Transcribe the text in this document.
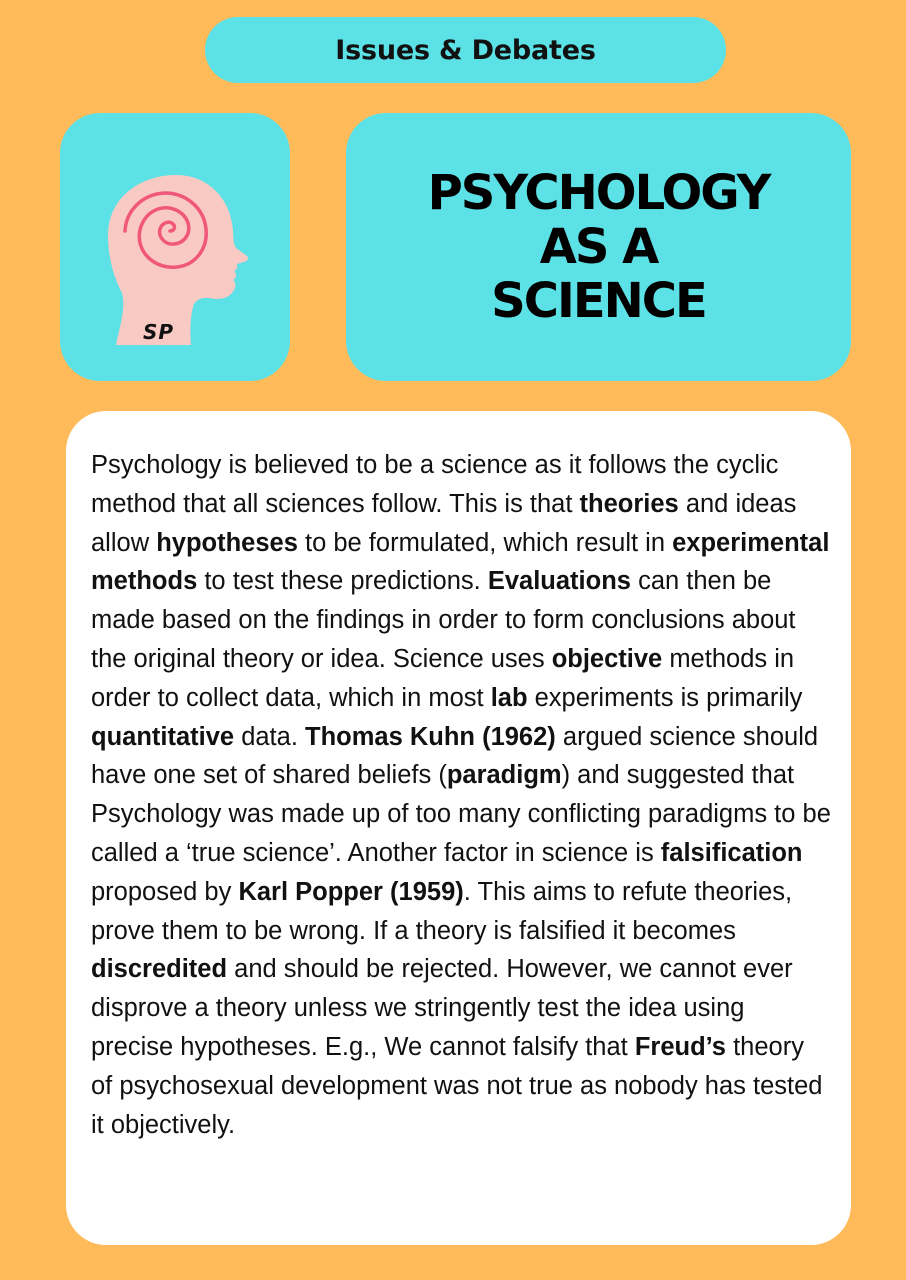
Issues & Debates
SP
PSYCHOLOGY
AS A
SCIENCE
Psychology is believed to be a science as it follows the cyclic method that all sciences follow. This is that theories and ideas allow hypotheses to be formulated, which result in experimental methods to test these predictions. Evaluations can then be made based on the findings in order to form conclusions about the original theory or idea. Science uses objective methods in order to collect data, which in most lab experiments is primarily quantitative data. Thomas Kuhn (1962) argued science should have one set of shared beliefs (paradigm) and suggested that Psychology was made up of too many conflicting paradigms to be called a ‘true science’. Another factor in science is falsification proposed by Karl Popper (1959). This aims to refute theories, prove them to be wrong. If a theory is falsified it becomes discredited and should be rejected. However, we cannot ever disprove a theory unless we stringently test the idea using precise hypotheses. E.g., We cannot falsify that Freud’s theory of psychosexual development was not true as nobody has tested it objectively.
